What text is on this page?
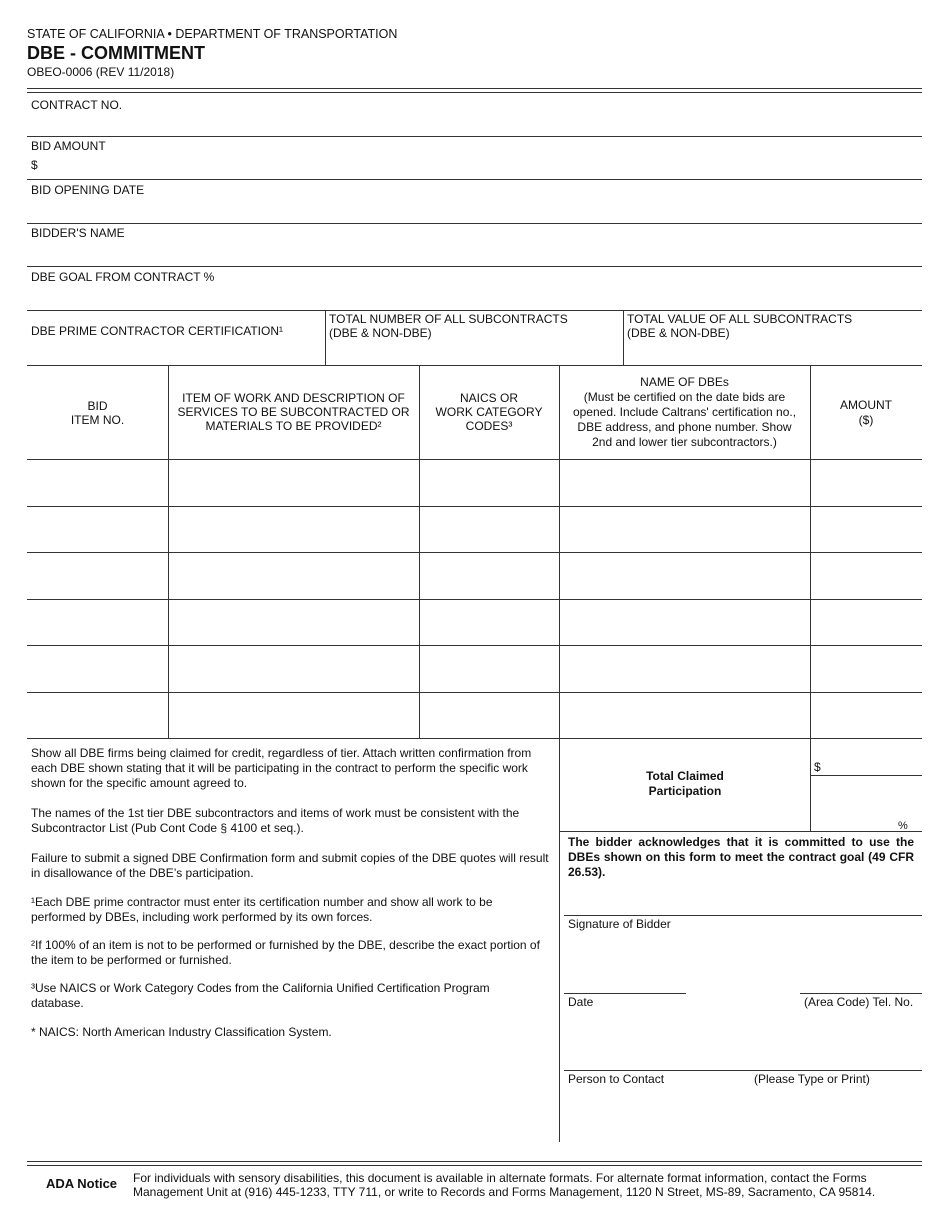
STATE OF CALIFORNIA • DEPARTMENT OF TRANSPORTATION
DBE - COMMITMENT
OBEO-0006 (REV 11/2018)
CONTRACT NO.
BID AMOUNT
$
BID OPENING DATE
BIDDER'S NAME
DBE GOAL FROM CONTRACT %
DBE PRIME CONTRACTOR CERTIFICATION¹
TOTAL NUMBER OF ALL SUBCONTRACTS
(DBE & NON-DBE)
TOTAL VALUE OF ALL SUBCONTRACTS
(DBE & NON-DBE)
BID
ITEM NO.
ITEM OF WORK AND DESCRIPTION OF
SERVICES TO BE SUBCONTRACTED OR
MATERIALS TO BE PROVIDED²
NAICS OR
WORK CATEGORY
CODES³
NAME OF DBEs
(Must be certified on the date bids are
opened. Include Caltrans' certification no.,
DBE address, and phone number. Show
2nd and lower tier subcontractors.)
AMOUNT
($)
Show all DBE firms being claimed for credit, regardless of tier. Attach written confirmation from each DBE shown stating that it will be participating in the contract to perform the specific work shown for the specific amount agreed to.
The names of the 1st tier DBE subcontractors and items of work must be consistent with the Subcontractor List (Pub Cont Code § 4100 et seq.).
Failure to submit a signed DBE Confirmation form and submit copies of the DBE quotes will result in disallowance of the DBE’s participation.
¹Each DBE prime contractor must enter its certification number and show all work to be performed by DBEs, including work performed by its own forces.
²If 100% of an item is not to be performed or furnished by the DBE, describe the exact portion of the item to be performed or furnished.
³Use NAICS or Work Category Codes from the California Unified Certification Program database.
* NAICS: North American Industry Classification System.
Total Claimed
Participation
$
%
The bidder acknowledges that it is committed to use the DBEs shown on this form to meet the contract goal (49 CFR 26.53).
Signature of Bidder
Date	(Area Code) Tel. No.
Person to Contact	(Please Type or Print)
ADA Notice For individuals with sensory disabilities, this document is available in alternate formats. For alternate format information, contact the Forms Management Unit at (916) 445-1233, TTY 711, or write to Records and Forms Management, 1120 N Street, MS-89, Sacramento, CA 95814.
